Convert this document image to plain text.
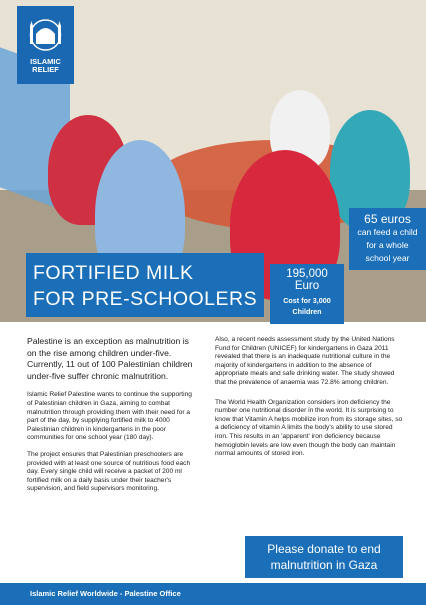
ISLAMIC RELIEF
65 euros
can feed a child
for a whole
school year
FORTIFIED MILK
FOR PRE-SCHOOLERS
195,000
Euro
Cost for 3,000
Children

Palestine is an exception as malnutrition is on the rise among children under-five. Currently, 11 out of 100 Palestinian children under-five suffer chronic malnutrition.

Islamic Relief Palestine wants to continue the supporting of Palestinian children in Gaza, aiming to combat malnutrition through providing them with their need for a part of the day, by supplying fortified milk to 4000 Palestinian children in kindergartens in the poor communities for one school year (180 day).

The project ensures that Palestinian preschoolers are provided with at least one source of nutritious food each day. Every single child will receive a packet of 200 ml fortified milk on a daily basis under their teacher's supervision, and field supervisors monitoring.

Also, a recent needs assessment study by the United Nations Fund for Children (UNICEF) for kindergartens in Gaza 2011 revealed that there is an inadequate nutritional culture in the majority of kindergartens in addition to the absence of appropriate meals and safe drinking water. The study showed that the prevalence of anaemia was 72.8% among children.

The World Health Organization considers iron deficiency the number one nutritional disorder in the world. It is surprising to know that Vitamin A helps mobilize iron from its storage sites, so a deficiency of vitamin A limits the body's ability to use stored iron. This results in an 'apparent' iron deficiency because hemoglobin levels are low even though the body can maintain normal amounts of stored iron.

Please donate to end
malnutrition in Gaza
Islamic Relief Worldwide - Palestine Office
